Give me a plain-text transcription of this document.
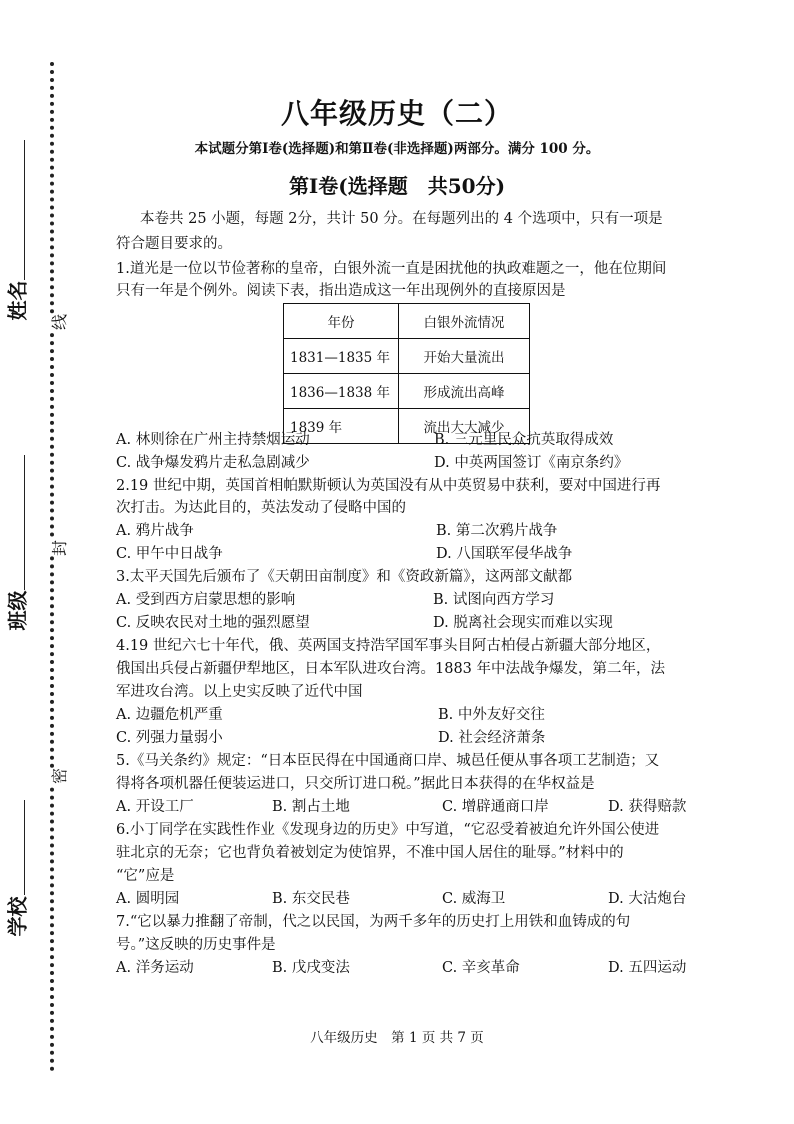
姓名
班级
学校
线
封
密
八年级历史（二）
本试题分第Ⅰ卷(选择题)和第Ⅱ卷(非选择题)两部分。满分 100 分。
第Ⅰ卷(选择题　共50分)
本卷共 25 小题，每题 2分，共计 50 分。在每题列出的 4 个选项中，只有一项是
符合题目要求的。
1.道光是一位以节俭著称的皇帝，白银外流一直是困扰他的执政难题之一，他在位期间
只有一年是个例外。阅读下表，指出造成这一年出现例外的直接原因是
年份	白银外流情况
1831—1835 年	开始大量流出
1836—1838 年	形成流出高峰
1839 年	流出大大减少
A. 林则徐在广州主持禁烟运动	B. 三元里民众抗英取得成效
C. 战争爆发鸦片走私急剧减少	D. 中英两国签订《南京条约》
2.19 世纪中期，英国首相帕默斯顿认为英国没有从中英贸易中获利，要对中国进行再
次打击。为达此目的，英法发动了侵略中国的
A. 鸦片战争	B. 第二次鸦片战争
C. 甲午中日战争	D. 八国联军侵华战争
3.太平天国先后颁布了《天朝田亩制度》和《资政新篇》，这两部文献都
A. 受到西方启蒙思想的影响	B. 试图向西方学习
C. 反映农民对土地的强烈愿望	D. 脱离社会现实而难以实现
4.19 世纪六七十年代，俄、英两国支持浩罕国军事头目阿古柏侵占新疆大部分地区，
俄国出兵侵占新疆伊犁地区，日本军队进攻台湾。1883 年中法战争爆发，第二年，法
军进攻台湾。以上史实反映了近代中国
A. 边疆危机严重	B. 中外友好交往
C. 列强力量弱小	D. 社会经济萧条
5.《马关条约》规定：“日本臣民得在中国通商口岸、城邑任便从事各项工艺制造；又
得将各项机器任便装运进口，只交所订进口税。”据此日本获得的在华权益是
A. 开设工厂	B. 割占土地	C. 增辟通商口岸	D. 获得赔款
6.小丁同学在实践性作业《发现身边的历史》中写道，“它忍受着被迫允许外国公使进
驻北京的无奈；它也背负着被划定为使馆界，不准中国人居住的耻辱。”材料中的
“它”应是
A. 圆明园	B. 东交民巷	C. 威海卫	D. 大沽炮台
7.“它以暴力推翻了帝制，代之以民国，为两千多年的历史打上用铁和血铸成的句
号。”这反映的历史事件是
A. 洋务运动	B. 戊戌变法	C. 辛亥革命	D. 五四运动
八年级历史　第 1 页 共 7 页
